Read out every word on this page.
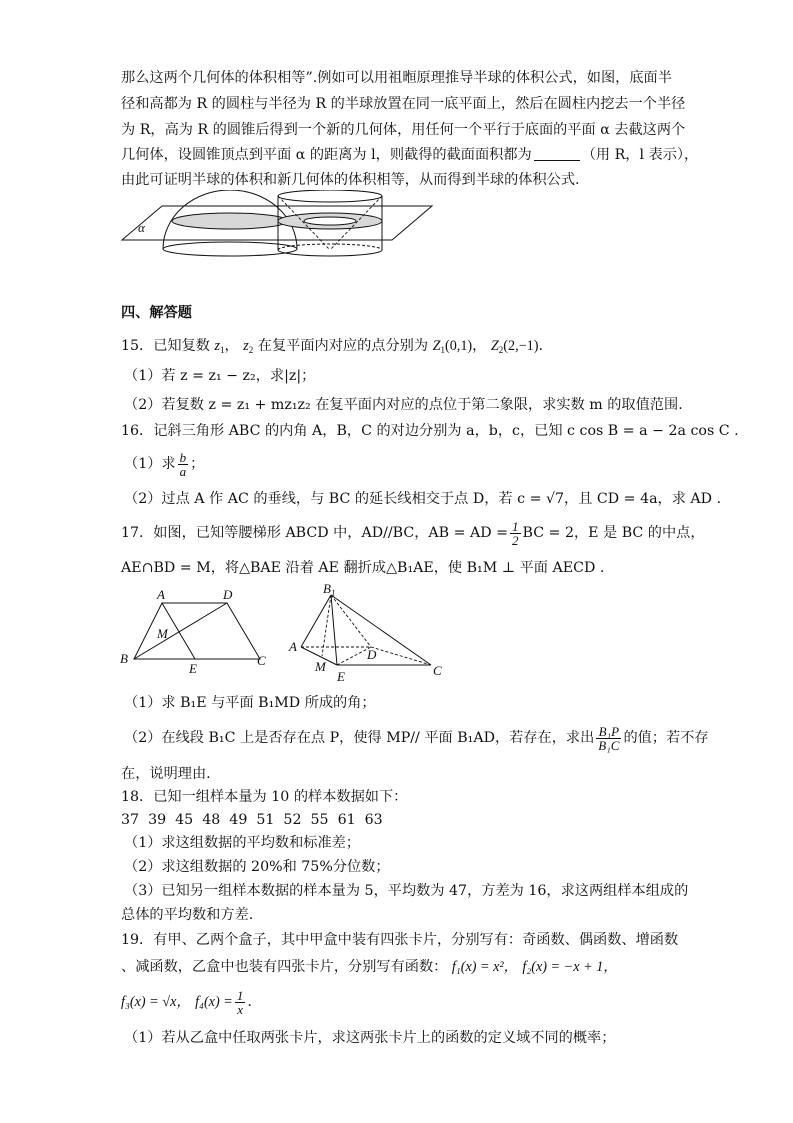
那么这两个几何体的体积相等”.例如可以用祖暅原理推导半球的体积公式，如图，底面半
径和高都为 R 的圆柱与半径为 R 的半球放置在同一底平面上，然后在圆柱内挖去一个半径
为 R，高为 R 的圆锥后得到一个新的几何体，用任何一个平行于底面的平面 α 去截这两个
几何体，设圆锥顶点到平面 α 的距离为 l，则截得的截面面积都为	（用 R，l 表示），
由此可证明半球的体积和新几何体的体积相等，从而得到半球的体积公式.
α
四、解答题
15．已知复数 $z_1$， $z_2$ 在复平面内对应的点分别为 $Z_1(0,1)$， $Z_2(2,-1)$.
（1）若 z = z₁ − z₂，求|z|；
（2）若复数 z = z₁ + mz₁z₂ 在复平面内对应的点位于第二象限，求实数 m 的取值范围.
16．记斜三角形 ABC 的内角 A，B，C 的对边分别为 a，b，c，已知 c cos B = a − 2a cos C .
（1）求 $\frac{b}{a}$ ；
（2）过点 A 作 AC 的垂线，与 BC 的延长线相交于点 D，若 c = √7，且 CD = 4a，求 AD .
17．如图，已知等腰梯形 ABCD 中，AD//BC，AB = AD = $\frac{1}{2}$ BC = 2，E 是 BC 的中点，
AE∩BD = M，将△BAE 沿着 AE 翻折成△B₁AE，使 B₁M ⊥ 平面 AECD .
A	D
M
B
E
C
$B_1$
A
D
M
E	C
（1）求 B₁E 与平面 B₁MD 所成的角；
（2）在线段 B₁C 上是否存在点 P，使得 MP// 平面 B₁AD，若存在，求出 $\frac{\text{B₁P}}{\text{B₁C}}$ 的值；若不存
在，说明理由.
18．已知一组样本量为 10 的样本数据如下：
37  39  45  48  49  51  52  55  61  63
（1）求这组数据的平均数和标准差；
（2）求这组数据的 20%和 75%分位数；
（3）已知另一组样本数据的样本量为 5，平均数为 47，方差为 16，求这两组样本组成的
总体的平均数和方差.
19．有甲、乙两个盒子，其中甲盒中装有四张卡片，分别写有：奇函数、偶函数、增函数
、减函数，乙盒中也装有四张卡片，分别写有函数： f₁(x) = x²， f₂(x) = −x + 1，
f₃(x) = √x， $f_4(x) = \frac{1}{x}$ .
（1）若从乙盒中任取两张卡片，求这两张卡片上的函数的定义域不同的概率；
